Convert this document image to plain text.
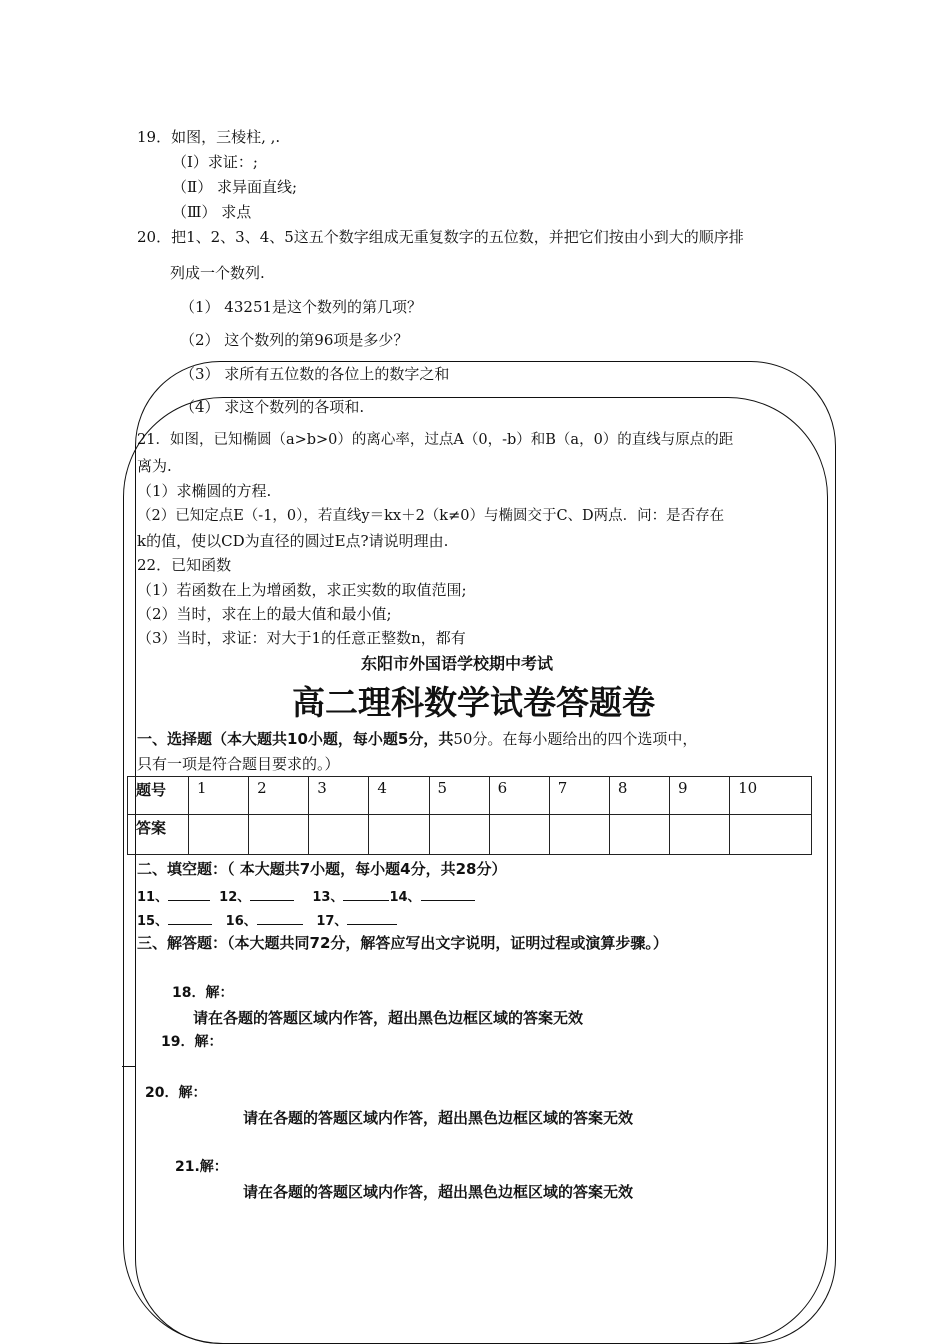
19．如图，三棱柱, ,.
（Ⅰ）求证：;
（Ⅱ） 求异面直线;
（Ⅲ） 求点
20．把1、2、3、4、5这五个数字组成无重复数字的五位数，并把它们按由小到大的顺序排
列成一个数列.
（1） 43251是这个数列的第几项？
（2） 这个数列的第96项是多少？
（3） 求所有五位数的各位上的数字之和
（4） 求这个数列的各项和.
21．如图，已知椭圆（a>b>0）的离心率，过点A（0，-b）和B（a，0）的直线与原点的距
离为.
（1）求椭圆的方程.
（2）已知定点E（-1，0），若直线y＝kx＋2（k≠0）与椭圆交于C、D两点．问：是否存在
k的值，使以CD为直径的圆过E点?请说明理由.
22．已知函数
（1）若函数在上为增函数，求正实数的取值范围;
（2）当时，求在上的最大值和最小值;
（3）当时，求证：对大于1的任意正整数n，都有
东阳市外国语学校期中考试
高二理科数学试卷答题卷
一、选择题（本大题共10小题，每小题5分，共50分。在每小题给出的四个选项中，
只有一项是符合题目要求的。）
题号	1	2	3	4	5	6	7	8	9	10
答案										
二、填空题：（ 本大题共7小题，每小题4分，共28分）
11、	12、	13、	14、
15、	16、	17、
三、解答题：（本大题共同72分，解答应写出文字说明，证明过程或演算步骤。）
18．解：
请在各题的答题区域内作答，超出黑色边框区域的答案无效
19．解：
20．解：
请在各题的答题区域内作答，超出黑色边框区域的答案无效
21.解：
请在各题的答题区域内作答，超出黑色边框区域的答案无效
